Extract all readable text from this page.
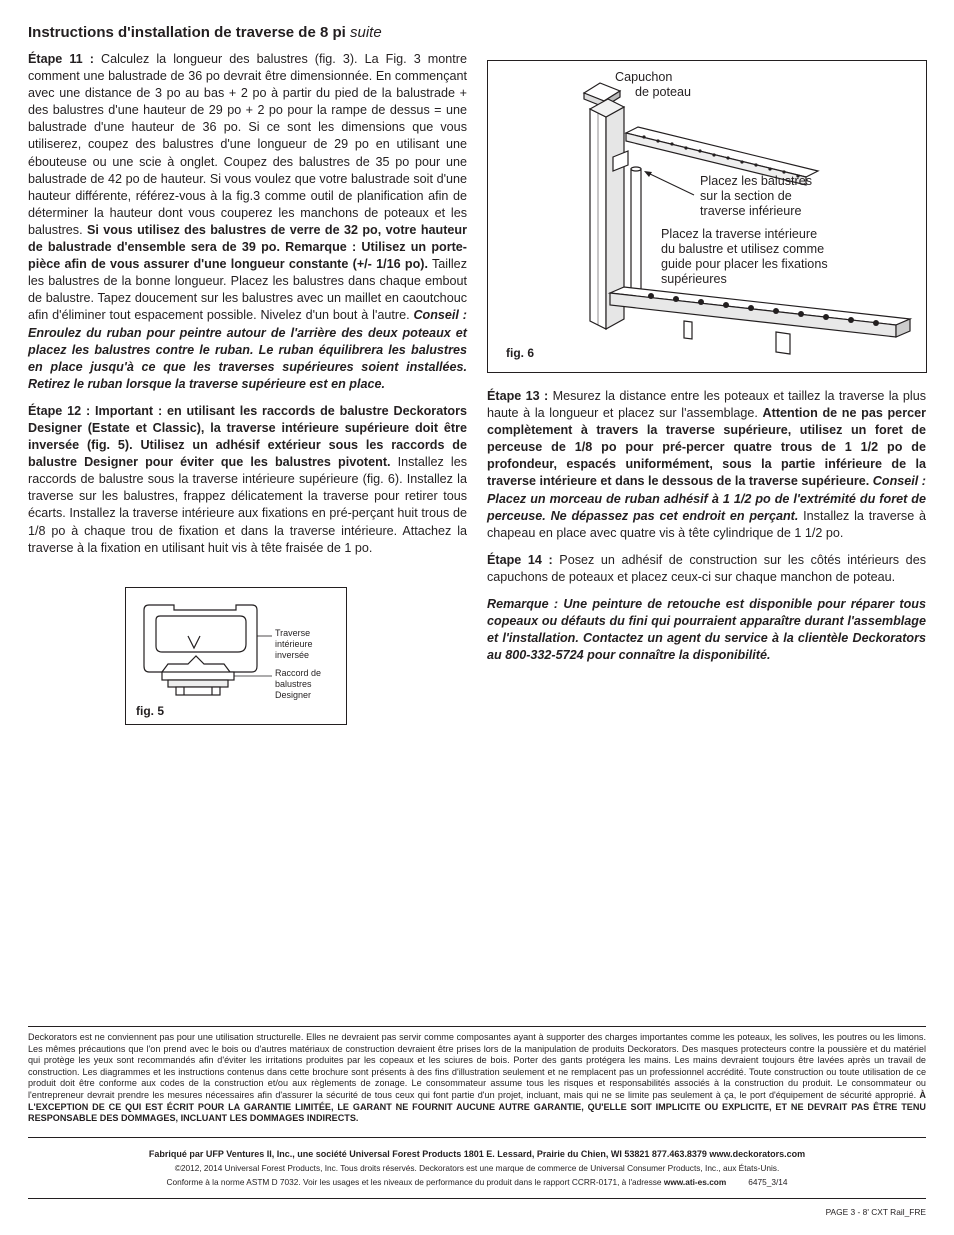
Instructions d'installation de traverse de 8 pi suite

Étape 11 : Calculez la longueur des balustres (fig. 3). La Fig. 3 montre comment une balustrade de 36 po devrait être dimensionnée. En commençant avec une distance de 3 po au bas + 2 po à partir du pied de la balustrade + des balustres d'une hauteur de 29 po + 2 po pour la rampe de dessus = une balustrade d'une hauteur de 36 po. Si ce sont les dimensions que vous utiliserez, coupez des balustres d'une longueur de 29 po en utilisant une ébouteuse ou une scie à onglet. Coupez des balustres de 35 po pour une balustrade de 42 po de hauteur. Si vous voulez que votre balustrade soit d'une hauteur différente, référez-vous à la fig.3 comme outil de planification afin de déterminer la hauteur dont vous couperez les manchons de poteaux et les balustres. Si vous utilisez des balustres de verre de 32 po, votre hauteur de balustrade d'ensemble sera de 39 po. Remarque : Utilisez un porte-pièce afin de vous assurer d'une longueur constante (+/- 1/16 po). Taillez les balustres de la bonne longueur. Placez les balustres dans chaque embout de balustre. Tapez doucement sur les balustres avec un maillet en caoutchouc afin d'éliminer tout espacement possible. Nivelez d'un bout à l'autre. Conseil : Enroulez du ruban pour peintre autour de l'arrière des deux poteaux et placez les balustres contre le ruban. Le ruban équilibrera les balustres en place jusqu'à ce que les traverses supérieures soient installées. Retirez le ruban lorsque la traverse supérieure est en place.

Étape 12 : Important : en utilisant les raccords de balustre Deckorators Designer (Estate et Classic), la traverse intérieure supérieure doit être inversée (fig. 5). Utilisez un adhésif extérieur sous les raccords de balustre Designer pour éviter que les balustres pivotent. Installez les raccords de balustre sous la traverse intérieure supérieure (fig. 6). Installez la traverse sur les balustres, frappez délicatement la traverse pour retirer tous écarts. Installez la traverse intérieure aux fixations en pré-perçant huit trous de 1/8 po à chaque trou de fixation et dans la traverse intérieure. Attachez la traverse à la fixation en utilisant huit vis à tête fraisée de 1 po.

Étape 13 : Mesurez la distance entre les poteaux et taillez la traverse la plus haute à la longueur et placez sur l'assemblage. Attention de ne pas percer complètement à travers la traverse supérieure, utilisez un foret de perceuse de 1/8 po pour pré-percer quatre trous de 1 1/2 po de profondeur, espacés uniformément, sous la partie inférieure de la traverse intérieure et dans le dessous de la traverse supérieure. Conseil : Placez un morceau de ruban adhésif à 1 1/2 po de l'extrémité du foret de perceuse. Ne dépassez pas cet endroit en perçant. Installez la traverse à chapeau en place avec quatre vis à tête cylindrique de 1 1/2 po.

Étape 14 : Posez un adhésif de construction sur les côtés intérieurs des capuchons de poteaux et placez ceux-ci sur chaque manchon de poteau.

Remarque : Une peinture de retouche est disponible pour réparer tous copeaux ou défauts du fini qui pourraient apparaître durant l'assemblage et l'installation. Contactez un agent du service à la clientèle Deckorators au 800-332-5724 pour connaître la disponibilité.

Capuchon
de poteau
Placez les balustres
sur la section de
traverse inférieure
Placez la traverse intérieure
du balustre et utilisez comme
guide pour placer les fixations
supérieures
fig. 6
Traverse
intérieure
inversée
Raccord de
balustres
Designer
fig. 5
Deckorators est ne conviennent pas pour une utilisation structurelle. Elles ne devraient pas servir comme composantes ayant à supporter des charges importantes comme les poteaux, les solives, les poutres ou les limons. Les mêmes précautions que l'on prend avec le bois ou d'autres matériaux de construction devraient être prises lors de la manipulation de produits Deckorators. Des masques protecteurs contre la poussière et du matériel qui protège les yeux sont recommandés afin d'éviter les irritations produites par les copeaux et les sciures de bois. Porter des gants protégera les mains. Les mains devraient toujours être lavées après un travail de construction. Les diagrammes et les instructions contenus dans cette brochure sont présents à des fins d'illustration seulement et ne remplacent pas un professionnel accrédité. Toute construction ou toute utilisation de ce produit doit être conforme aux codes de la construction et/ou aux règlements de zonage. Le consommateur assume tous les risques et responsabilités associés à la construction du produit. Le consommateur ou l'entrepreneur devrait prendre les mesures nécessaires afin d'assurer la sécurité de tous ceux qui font partie d'un projet, incluant, mais qui ne se limite pas seulement à ça, le port d'équipement de sécurité approprié. À L'EXCEPTION DE CE QUI EST ÉCRIT POUR LA GARANTIE LIMITÉE, LE GARANT NE FOURNIT AUCUNE AUTRE GARANTIE, QU'ELLE SOIT IMPLICITE OU EXPLICITE, ET NE DEVRAIT PAS ÊTRE TENU RESPONSABLE DES DOMMAGES, INCLUANT LES DOMMAGES INDIRECTS.
Fabriqué par UFP Ventures II, Inc., une société Universal Forest Products 1801 E. Lessard, Prairie du Chien, WI 53821 877.463.8379 www.deckorators.com
©2012, 2014 Universal Forest Products, Inc. Tous droits réservés. Deckorators est une marque de commerce de Universal Consumer Products, Inc., aux États-Unis.
Conforme à la norme ASTM D 7032. Voir les usages et les niveaux de performance du produit dans le rapport CCRR-0171, à l'adresse www.ati-es.com	6475_3/14
PAGE 3 - 8' CXT Rail_FRE
